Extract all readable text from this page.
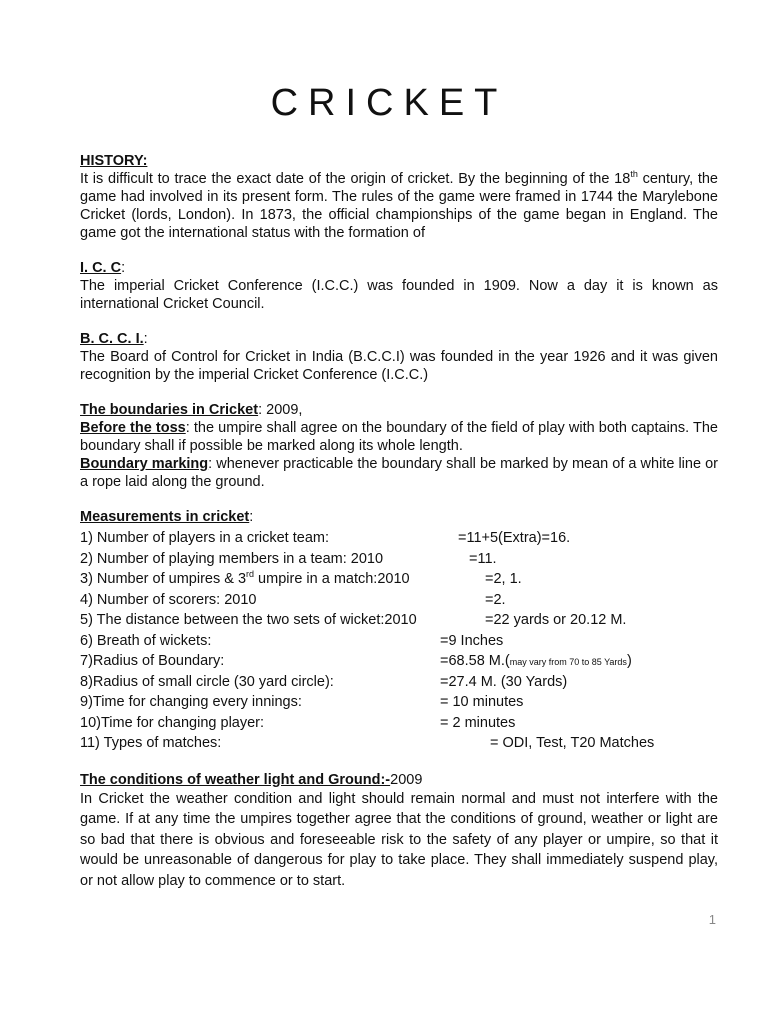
CRICKET
HISTORY:

It is difficult to trace the exact date of the origin of cricket. By the beginning of the 18th century, the game had involved in its present form. The rules of the game were framed in 1744 the Marylebone Cricket (lords, London). In 1873, the official championships of the game began in England. The game got the international status with the formation of

I. C. C:

The imperial Cricket Conference (I.C.C.) was founded in 1909. Now a day it is known as international Cricket Council.

B. C. C. I.:

The Board of Control for Cricket in India (B.C.C.I) was founded in the year 1926 and it was given recognition by the imperial Cricket Conference (I.C.C.)

The boundaries in Cricket: 2009,

Before the toss: the umpire shall agree on the boundary of the field of play with both captains. The boundary shall if possible be marked along its whole length.

Boundary marking: whenever practicable the boundary shall be marked by mean of a white line or a rope laid along the ground.

Measurements in cricket:
1) Number of players in a cricket team:	=11+5(Extra)=16.
2) Number of playing members in a team: 2010	=11.
3) Number of umpires & 3rd umpire in a match:2010	=2, 1.
4) Number of scorers: 2010	=2.
5) The distance between the two sets of wicket:2010	=22 yards or 20.12 M.
6) Breath of wickets:	=9 Inches
7)Radius of Boundary:	=68.58 M.(may vary from 70 to 85 Yards)
8)Radius of small circle (30 yard circle):	=27.4 M. (30 Yards)
9)Time for changing every innings:	= 10 minutes
10)Time for changing player:	= 2 minutes
11) Types of matches:	= ODI, Test, T20 Matches
The conditions of weather light and Ground:-2009

In Cricket the weather condition and light should remain normal and must not interfere with the game. If at any time the umpires together agree that the conditions of ground, weather or light are so bad that there is obvious and foreseeable risk to the safety of any player or umpire, so that it would be unreasonable of dangerous for play to take place. They shall immediately suspend play, or not allow play to commence or to start.

1
